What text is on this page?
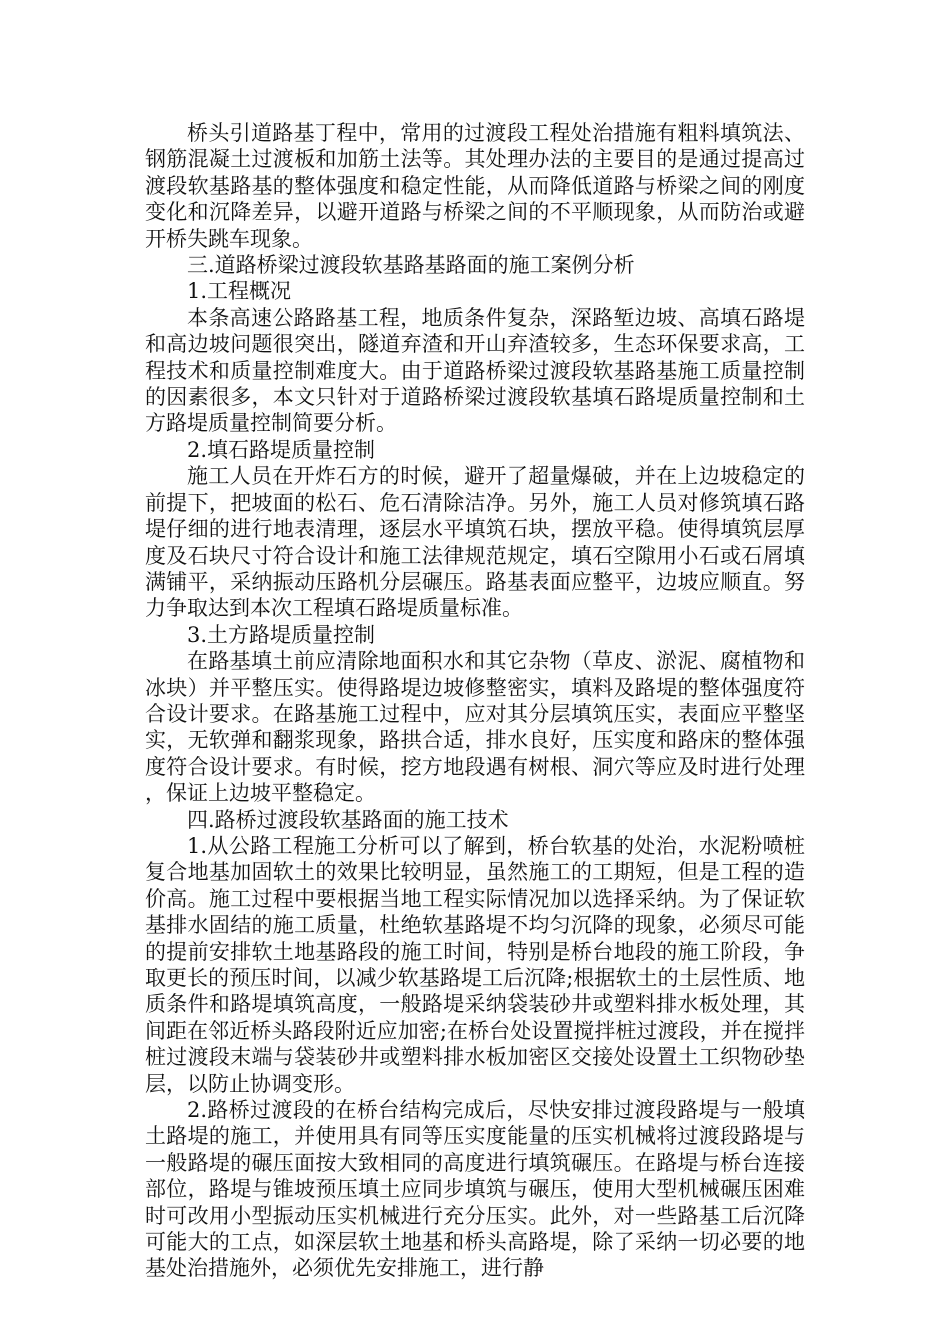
桥头引道路基丁程中，常用的过渡段工程处治措施有粗料填筑法、钢筋混凝土过渡板和加筋土法等。其处理办法的主要目的是通过提高过渡段软基路基的整体强度和稳定性能，从而降低道路与桥梁之间的刚度变化和沉降差异，以避开道路与桥梁之间的不平顺现象，从而防治或避开桥失跳车现象。

三.道路桥梁过渡段软基路基路面的施工案例分析

1.工程概况

本条高速公路路基工程，地质条件复杂，深路堑边坡、高填石路堤和高边坡问题很突出，隧道弃渣和开山弃渣较多，生态环保要求高，工程技术和质量控制难度大。由于道路桥梁过渡段软基路基施工质量控制的因素很多，本文只针对于道路桥梁过渡段软基填石路堤质量控制和土方路堤质量控制简要分析。

2.填石路堤质量控制

施工人员在开炸石方的时候，避开了超量爆破，并在上边坡稳定的前提下，把坡面的松石、危石清除洁净。另外，施工人员对修筑填石路堤仔细的进行地表清理，逐层水平填筑石块，摆放平稳。使得填筑层厚度及石块尺寸符合设计和施工法律规范规定，填石空隙用小石或石屑填满铺平，采纳振动压路机分层碾压。路基表面应整平，边坡应顺直。努力争取达到本次工程填石路堤质量标准。

3.土方路堤质量控制

在路基填土前应清除地面积水和其它杂物（草皮、淤泥、腐植物和冰块）并平整压实。使得路堤边坡修整密实，填料及路堤的整体强度符合设计要求。在路基施工过程中，应对其分层填筑压实，表面应平整坚实，无软弹和翻浆现象，路拱合适，排水良好，压实度和路床的整体强度符合设计要求。有时候，挖方地段遇有树根、洞穴等应及时进行处理，保证上边坡平整稳定。

四.路桥过渡段软基路面的施工技术

1.从公路工程施工分析可以了解到，桥台软基的处治，水泥粉喷桩复合地基加固软土的效果比较明显，虽然施工的工期短，但是工程的造价高。施工过程中要根据当地工程实际情况加以选择采纳。为了保证软基排水固结的施工质量，杜绝软基路堤不均匀沉降的现象，必须尽可能的提前安排软土地基路段的施工时间，特别是桥台地段的施工阶段，争取更长的预压时间，以减少软基路堤工后沉降;根据软土的土层性质、地质条件和路堤填筑高度，一般路堤采纳袋装砂井或塑料排水板处理，其间距在邻近桥头路段附近应加密;在桥台处设置搅拌桩过渡段，并在搅拌桩过渡段末端与袋装砂井或塑料排水板加密区交接处设置土工织物砂垫层，以防止协调变形。

2.路桥过渡段的在桥台结构完成后，尽快安排过渡段路堤与一般填土路堤的施工，并使用具有同等压实度能量的压实机械将过渡段路堤与一般路堤的碾压面按大致相同的高度进行填筑碾压。在路堤与桥台连接部位，路堤与锥坡预压填土应同步填筑与碾压，使用大型机械碾压困难时可改用小型振动压实机械进行充分压实。此外，对一些路基工后沉降可能大的工点，如深层软土地基和桥头高路堤，除了采纳一切必要的地基处治措施外，必须优先安排施工，进行静
